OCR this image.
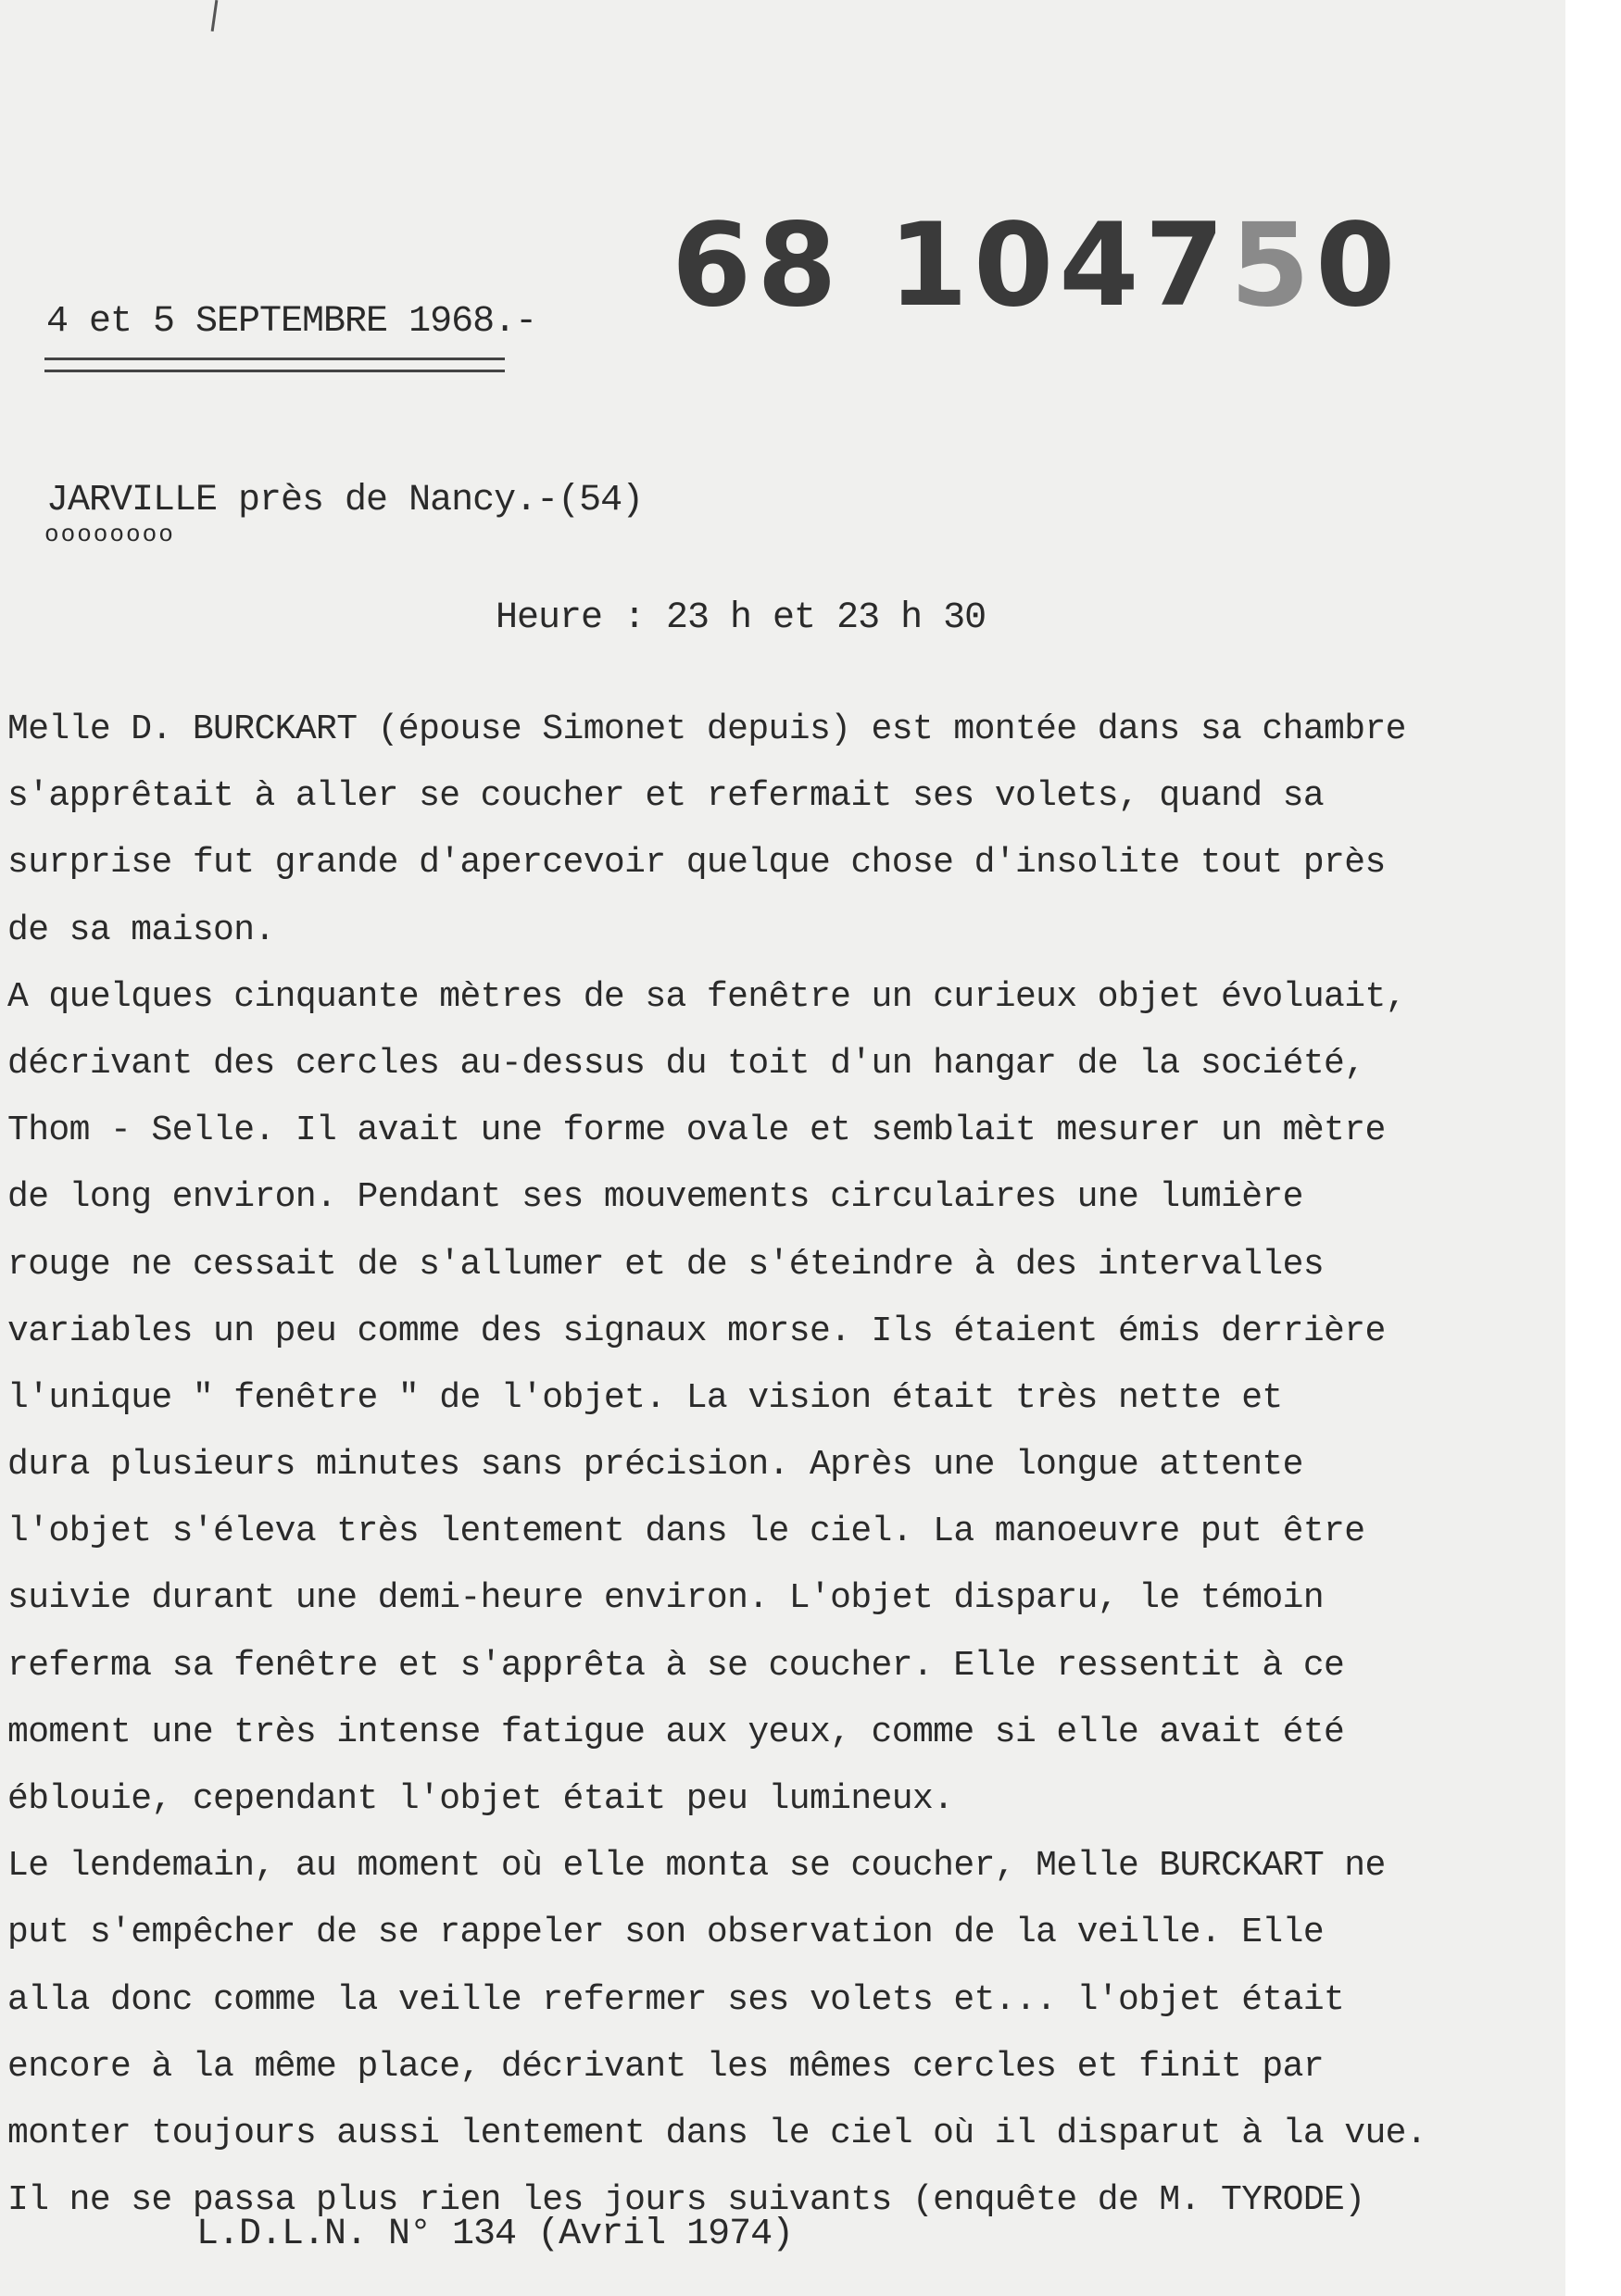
68 104750
4 et 5 SEPTEMBRE 1968.-
JARVILLE près de Nancy.-(54)
oooooooo
Heure : 23 h et 23 h 30
Melle D. BURCKART (épouse Simonet depuis) est montée dans sa chambre
s'apprêtait à aller se coucher et refermait ses volets, quand sa
surprise fut grande d'apercevoir quelque chose d'insolite tout près
de sa maison.
A quelques cinquante mètres de sa fenêtre un curieux objet évoluait,
décrivant des cercles au-dessus du toit d'un hangar de la société,
Thom - Selle. Il avait une forme ovale et semblait mesurer un mètre
de long environ. Pendant ses mouvements circulaires une lumière
rouge ne cessait de s'allumer et de s'éteindre à des intervalles
variables un peu comme des signaux morse. Ils étaient émis derrière
l'unique " fenêtre " de l'objet. La vision était très nette et
dura plusieurs minutes sans précision. Après une longue attente
l'objet s'éleva très lentement dans le ciel. La manoeuvre put être
suivie durant une demi-heure environ. L'objet disparu, le témoin
referma sa fenêtre et s'apprêta à se coucher. Elle ressentit à ce
moment une très intense fatigue aux yeux, comme si elle avait été
éblouie, cependant l'objet était peu lumineux.
Le lendemain, au moment où elle monta se coucher, Melle BURCKART ne
put s'empêcher de se rappeler son observation de la veille. Elle
alla donc comme la veille refermer ses volets et... l'objet était
encore à la même place, décrivant les mêmes cercles et finit par
monter toujours aussi lentement dans le ciel où il disparut à la vue.
Il ne se passa plus rien les jours suivants (enquête de M. TYRODE)
L.D.L.N. N° 134 (Avril 1974)
